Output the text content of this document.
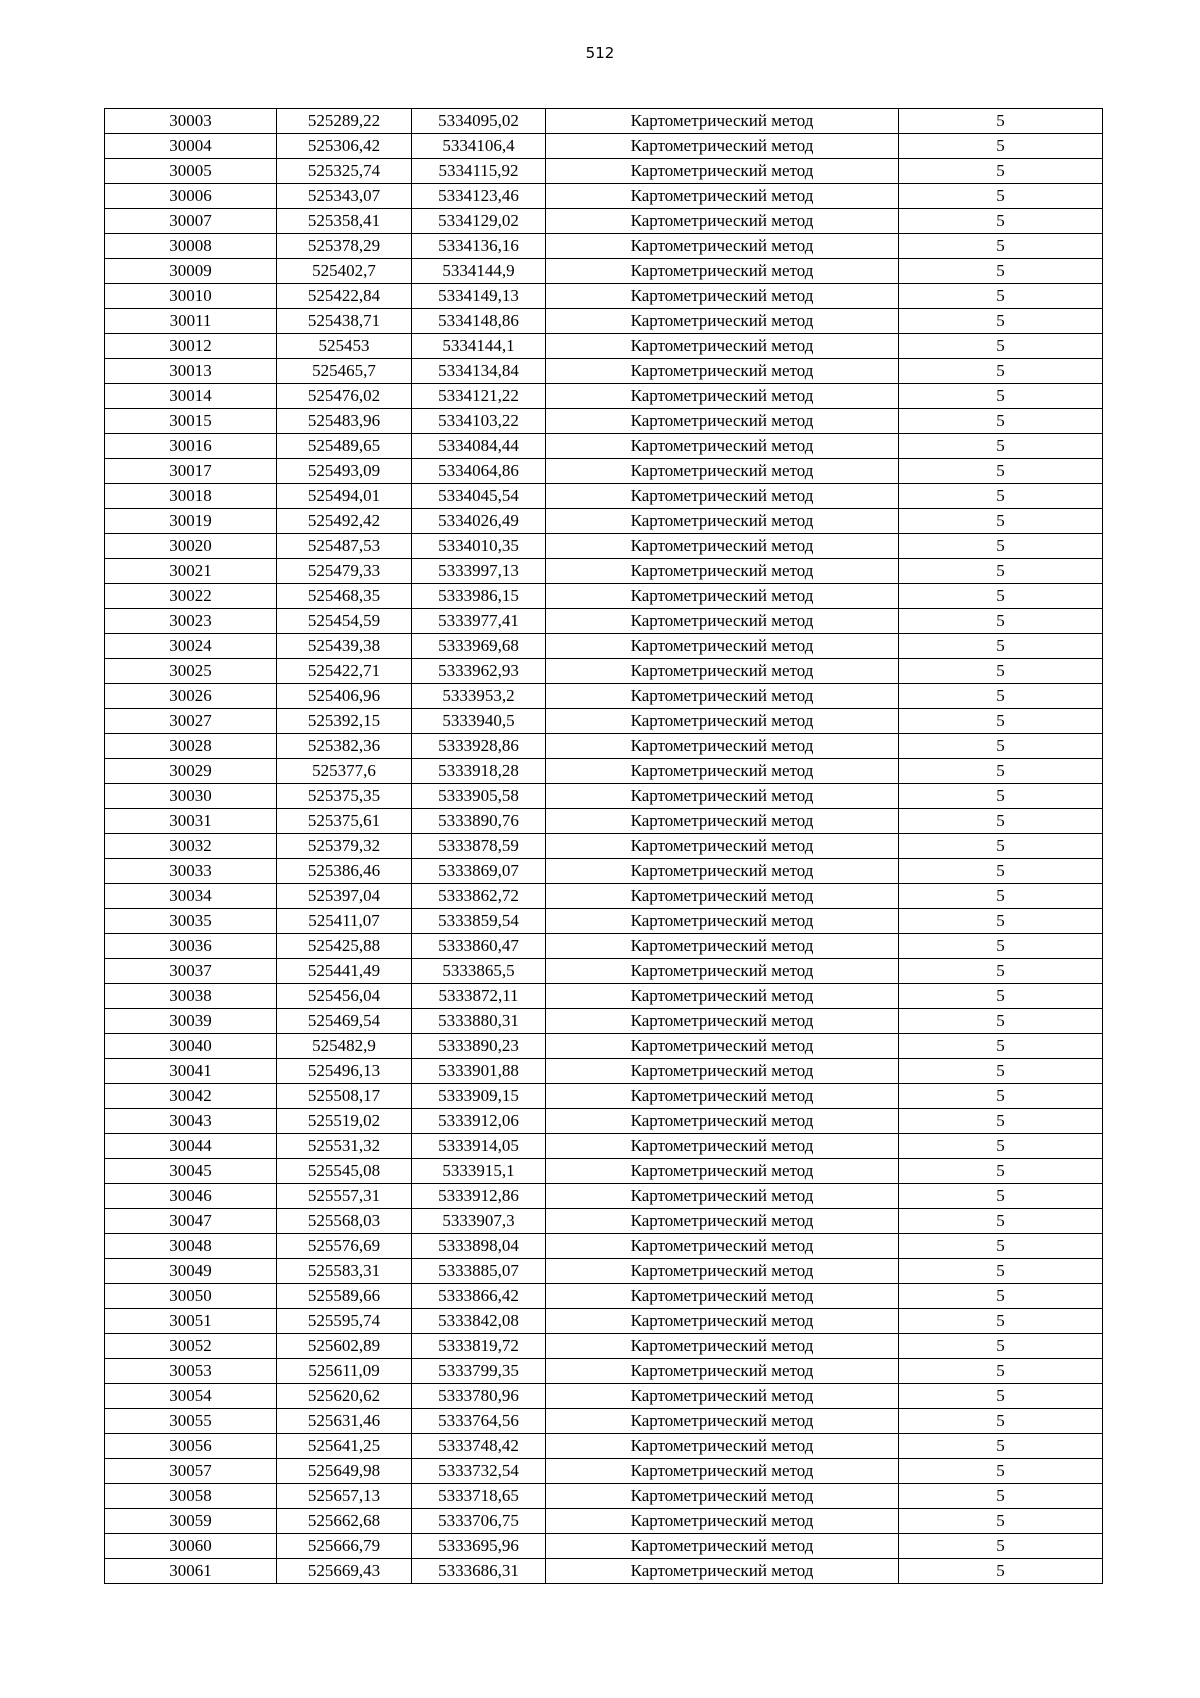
512
30003	525289,22	5334095,02	Картометрический метод	5
30004	525306,42	5334106,4	Картометрический метод	5
30005	525325,74	5334115,92	Картометрический метод	5
30006	525343,07	5334123,46	Картометрический метод	5
30007	525358,41	5334129,02	Картометрический метод	5
30008	525378,29	5334136,16	Картометрический метод	5
30009	525402,7	5334144,9	Картометрический метод	5
30010	525422,84	5334149,13	Картометрический метод	5
30011	525438,71	5334148,86	Картометрический метод	5
30012	525453	5334144,1	Картометрический метод	5
30013	525465,7	5334134,84	Картометрический метод	5
30014	525476,02	5334121,22	Картометрический метод	5
30015	525483,96	5334103,22	Картометрический метод	5
30016	525489,65	5334084,44	Картометрический метод	5
30017	525493,09	5334064,86	Картометрический метод	5
30018	525494,01	5334045,54	Картометрический метод	5
30019	525492,42	5334026,49	Картометрический метод	5
30020	525487,53	5334010,35	Картометрический метод	5
30021	525479,33	5333997,13	Картометрический метод	5
30022	525468,35	5333986,15	Картометрический метод	5
30023	525454,59	5333977,41	Картометрический метод	5
30024	525439,38	5333969,68	Картометрический метод	5
30025	525422,71	5333962,93	Картометрический метод	5
30026	525406,96	5333953,2	Картометрический метод	5
30027	525392,15	5333940,5	Картометрический метод	5
30028	525382,36	5333928,86	Картометрический метод	5
30029	525377,6	5333918,28	Картометрический метод	5
30030	525375,35	5333905,58	Картометрический метод	5
30031	525375,61	5333890,76	Картометрический метод	5
30032	525379,32	5333878,59	Картометрический метод	5
30033	525386,46	5333869,07	Картометрический метод	5
30034	525397,04	5333862,72	Картометрический метод	5
30035	525411,07	5333859,54	Картометрический метод	5
30036	525425,88	5333860,47	Картометрический метод	5
30037	525441,49	5333865,5	Картометрический метод	5
30038	525456,04	5333872,11	Картометрический метод	5
30039	525469,54	5333880,31	Картометрический метод	5
30040	525482,9	5333890,23	Картометрический метод	5
30041	525496,13	5333901,88	Картометрический метод	5
30042	525508,17	5333909,15	Картометрический метод	5
30043	525519,02	5333912,06	Картометрический метод	5
30044	525531,32	5333914,05	Картометрический метод	5
30045	525545,08	5333915,1	Картометрический метод	5
30046	525557,31	5333912,86	Картометрический метод	5
30047	525568,03	5333907,3	Картометрический метод	5
30048	525576,69	5333898,04	Картометрический метод	5
30049	525583,31	5333885,07	Картометрический метод	5
30050	525589,66	5333866,42	Картометрический метод	5
30051	525595,74	5333842,08	Картометрический метод	5
30052	525602,89	5333819,72	Картометрический метод	5
30053	525611,09	5333799,35	Картометрический метод	5
30054	525620,62	5333780,96	Картометрический метод	5
30055	525631,46	5333764,56	Картометрический метод	5
30056	525641,25	5333748,42	Картометрический метод	5
30057	525649,98	5333732,54	Картометрический метод	5
30058	525657,13	5333718,65	Картометрический метод	5
30059	525662,68	5333706,75	Картометрический метод	5
30060	525666,79	5333695,96	Картометрический метод	5
30061	525669,43	5333686,31	Картометрический метод	5
